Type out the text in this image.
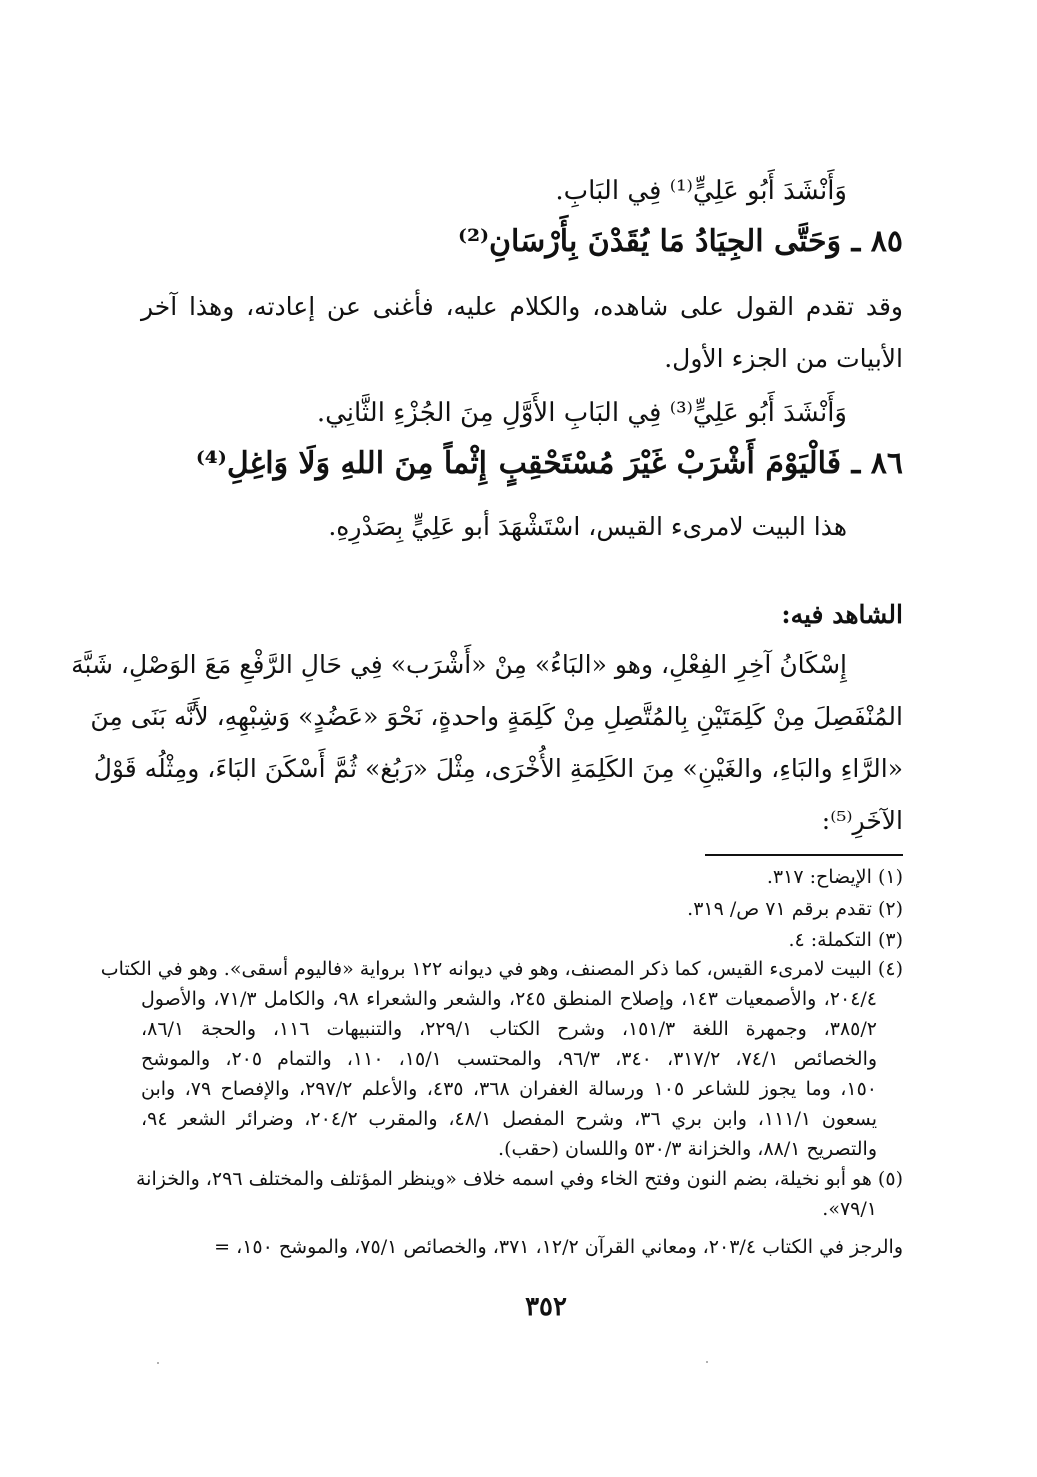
وَأَنْشَدَ أَبُو عَلِيٍّ⁽¹⁾ فِي البَابِ.
٨٥ ـ وَحَتَّى الجِيَادُ مَا يُقَدْنَ بِأَرْسَانِ⁽²⁾
وقد تقدم القول على شاهده، والكلام عليه، فأغنى عن إعادته، وهذا آخر
الأبيات من الجزء الأول.
وَأَنْشَدَ أَبُو عَلِيٍّ⁽³⁾ فِي البَابِ الأَوَّلِ مِنَ الجُزْءِ الثَّانِي.
٨٦ ـ فَالْيَوْمَ أَشْرَبْ غَيْرَ مُسْتَحْقِبٍ
إِثْماً مِنَ اللهِ وَلَا وَاغِلِ⁽⁴⁾
هذا البيت لامرىء القيس، اسْتَشْهَدَ أبو عَلِيٍّ بِصَدْرِهِ.
الشاهد فيه:
إِسْكَانُ آخِرِ الفِعْلِ، وهو «البَاءُ» مِنْ «أَشْرَب» فِي حَالِ الرَّفْعِ مَعَ الوَصْلِ، شَبَّهَ
المُنْفَصِلَ مِنْ كَلِمَتَيْنِ بِالمُتَّصِلِ مِنْ كَلِمَةٍ واحدةٍ، نَحْوَ «عَضُدٍ» وَشِبْهِهِ، لأَنَّه بَنَى مِنَ
«الرَّاءِ والبَاءِ، والغَيْنِ» مِنَ الكَلِمَةِ الأُخْرَى، مِثْلَ «رَبُغ» ثُمَّ أَسْكَنَ البَاءَ، ومِثْلُه قَوْلُ
الآخَرِ⁽⁵⁾:
(١) الإيضاح: ٣١٧.
(٢) تقدم برقم ٧١ ص/ ٣١٩.
(٣) التكملة: ٤.
(٤) البيت لامرىء القيس، كما ذكر المصنف، وهو في ديوانه ١٢٢ برواية «فاليوم أسقى». وهو في الكتاب
٢٠٤/٤، والأصمعيات ١٤٣، وإصلاح المنطق ٢٤٥، والشعر والشعراء ٩٨، والكامل ٧١/٣، والأصول
٣٨٥/٢، وجمهرة اللغة ١٥١/٣، وشرح الكتاب ٢٢٩/١، والتنبيهات ١١٦، والحجة ٨٦/١،
والخصائص ٧٤/١، ٣١٧/٢، ٣٤٠، ٩٦/٣، والمحتسب ١٥/١، ١١٠، والتمام ٢٠٥، والموشح
١٥٠، وما يجوز للشاعر ١٠٥ ورسالة الغفران ٣٦٨، ٤٣٥، والأعلم ٢٩٧/٢، والإفصاح ٧٩، وابن
يسعون ١١١/١، وابن بري ٣٦، وشرح المفصل ٤٨/١، والمقرب ٢٠٤/٢، وضرائر الشعر ٩٤،
والتصريح ٨٨/١، والخزانة ٥٣٠/٣ واللسان (حقب).
(٥) هو أبو نخيلة، بضم النون وفتح الخاء وفي اسمه خلاف «وينظر المؤتلف والمختلف ٢٩٦، والخزانة
٧٩/١».
والرجز في الكتاب ٢٠٣/٤، ومعاني القرآن ١٢/٢، ٣٧١، والخصائص ٧٥/١، والموشح ١٥٠، =
٣٥٢
